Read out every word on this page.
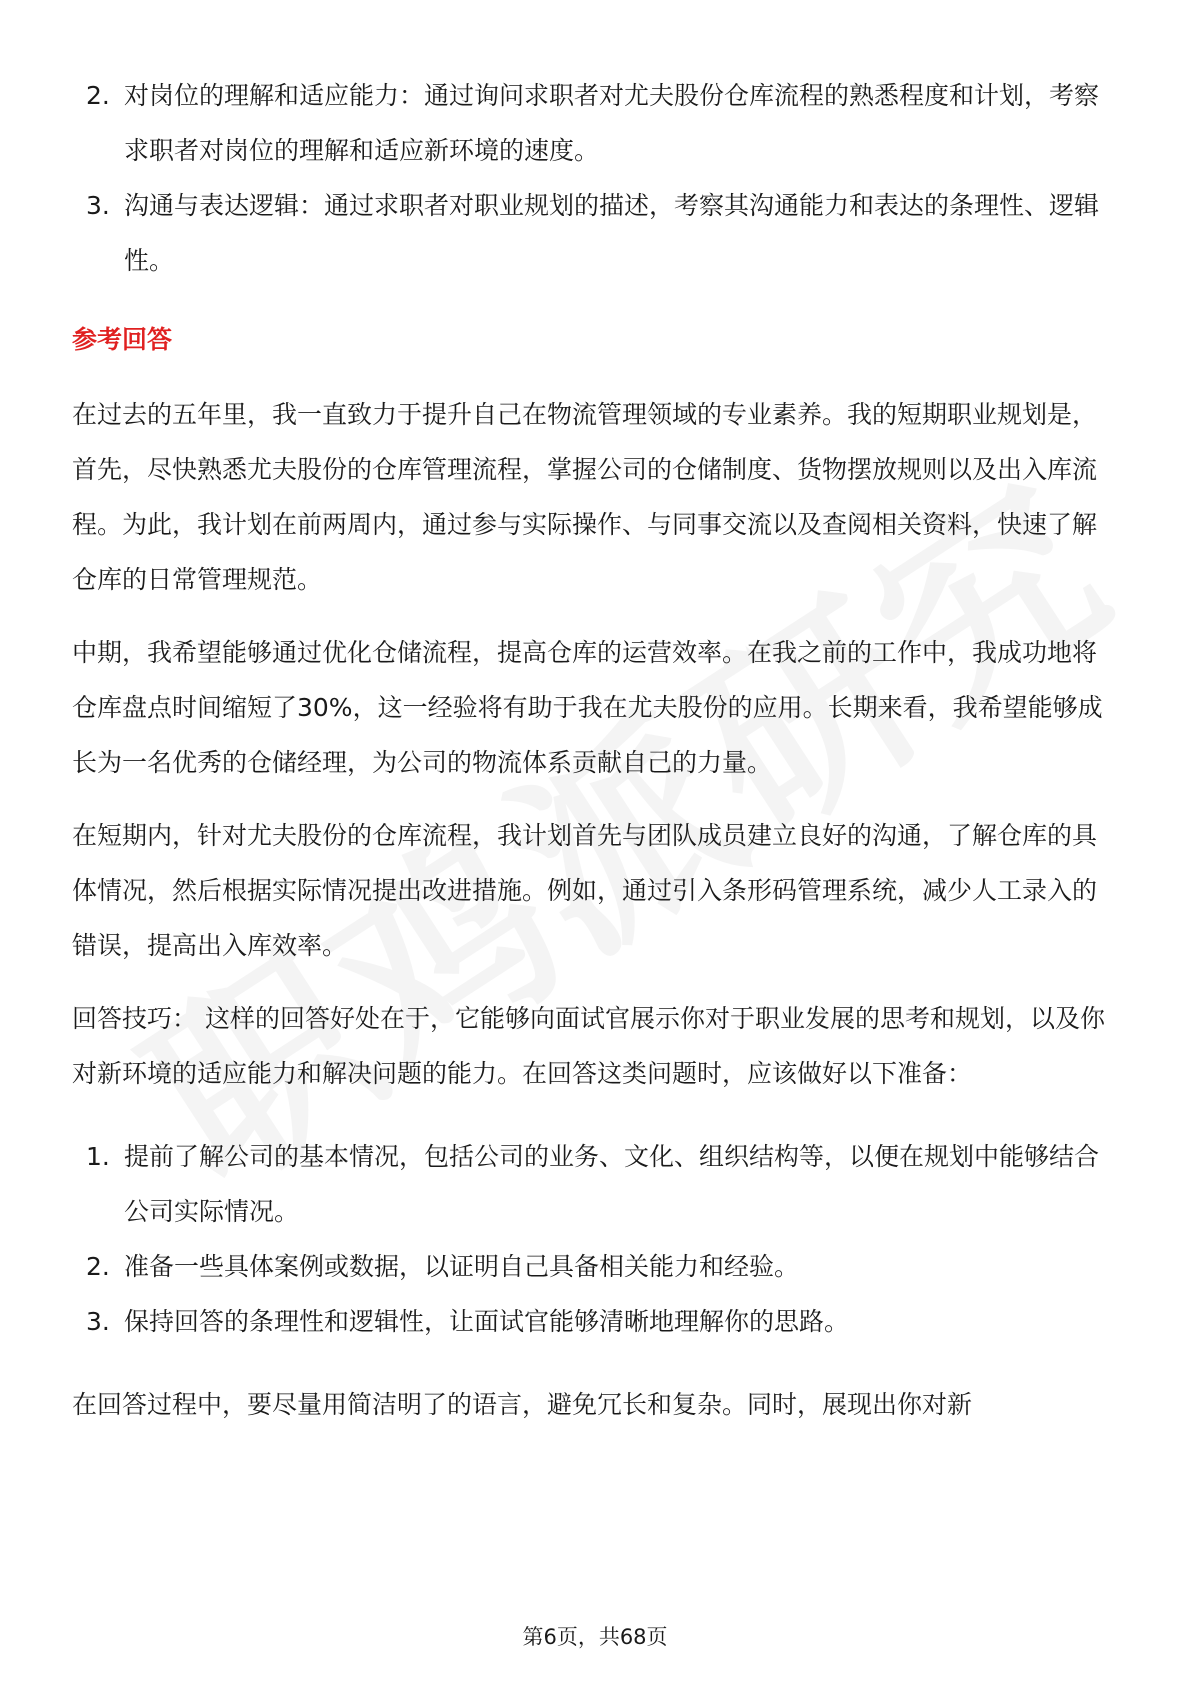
2. 对岗位的理解和适应能力：通过询问求职者对尤夫股份仓库流程的熟悉程度和计划，考察求职者对岗位的理解和适应新环境的速度。
3. 沟通与表达逻辑：通过求职者对职业规划的描述，考察其沟通能力和表达的条理性、逻辑性。
参考回答

在过去的五年里，我一直致力于提升自己在物流管理领域的专业素养。我的短期职业规划是，首先，尽快熟悉尤夫股份的仓库管理流程，掌握公司的仓储制度、货物摆放规则以及出入库流程。为此，我计划在前两周内，通过参与实际操作、与同事交流以及查阅相关资料，快速了解仓库的日常管理规范。

中期，我希望能够通过优化仓储流程，提高仓库的运营效率。在我之前的工作中，我成功地将仓库盘点时间缩短了30%，这一经验将有助于我在尤夫股份的应用。长期来看，我希望能够成长为一名优秀的仓储经理，为公司的物流体系贡献自己的力量。

在短期内，针对尤夫股份的仓库流程，我计划首先与团队成员建立良好的沟通，了解仓库的具体情况，然后根据实际情况提出改进措施。例如，通过引入条形码管理系统，减少人工录入的错误，提高出入库效率。

回答技巧： 这样的回答好处在于，它能够向面试官展示你对于职业发展的思考和规划，以及你对新环境的适应能力和解决问题的能力。在回答这类问题时，应该做好以下准备：

1. 提前了解公司的基本情况，包括公司的业务、文化、组织结构等，以便在规划中能够结合公司实际情况。
2. 准备一些具体案例或数据，以证明自己具备相关能力和经验。
3. 保持回答的条理性和逻辑性，让面试官能够清晰地理解你的思路。

在回答过程中，要尽量用简洁明了的语言，避免冗长和复杂。同时，展现出你对新

第6页，共68页
